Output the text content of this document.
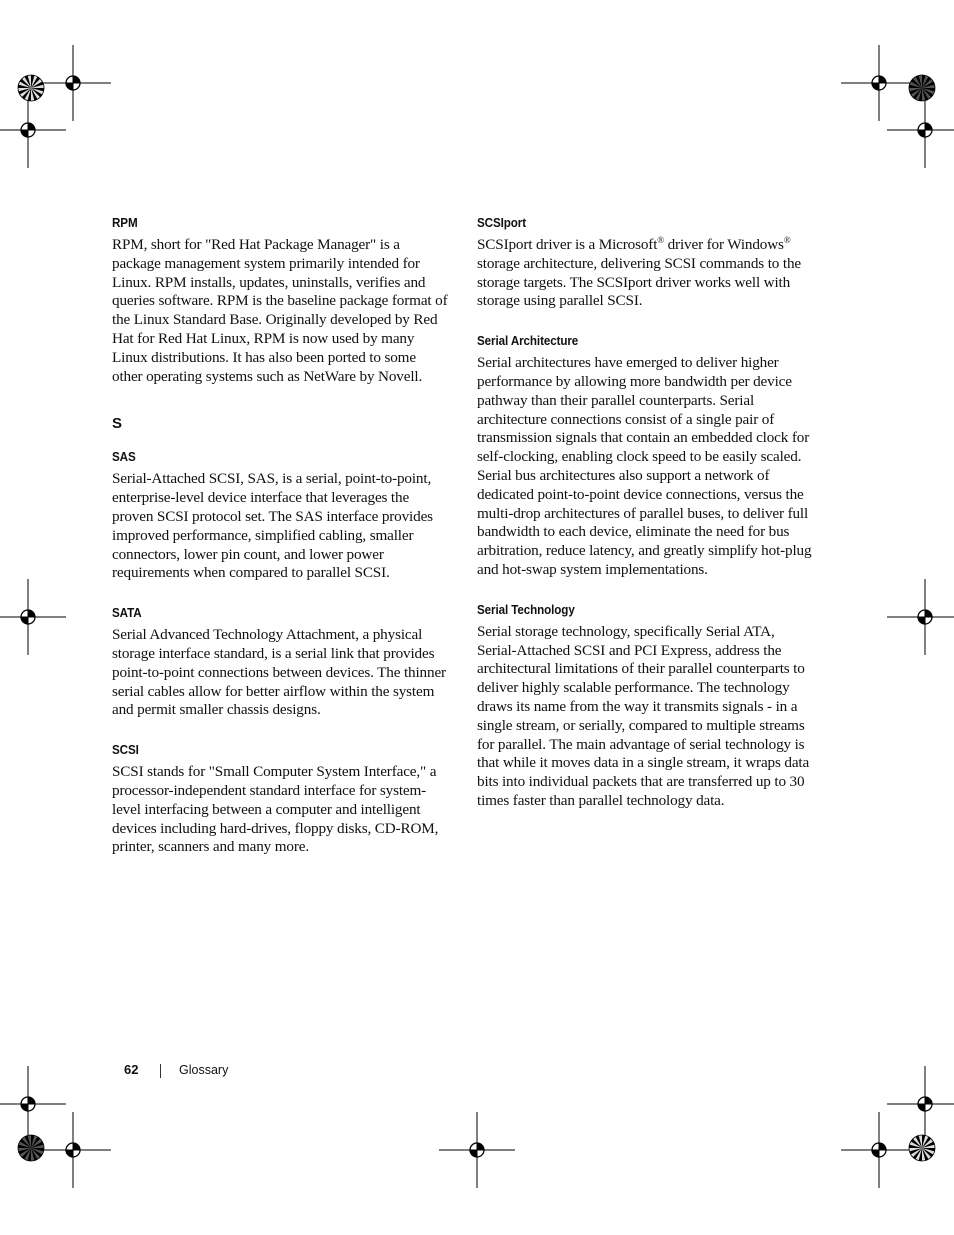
RPM

RPM, short for "Red Hat Package Manager" is a package management system primarily intended for Linux. RPM installs, updates, uninstalls, verifies and queries software. RPM is the baseline package format of the Linux Standard Base. Originally developed by Red Hat for Red Hat Linux, RPM is now used by many Linux distributions. It has also been ported to some other operating systems such as NetWare by Novell.

S
SAS

Serial-Attached SCSI, SAS, is a serial, point-to-point, enterprise-level device interface that leverages the proven SCSI protocol set. The SAS interface provides improved performance, simplified cabling, smaller connectors, lower pin count, and lower power requirements when compared to parallel SCSI.

SATA

Serial Advanced Technology Attachment, a physical storage interface standard, is a serial link that provides point-to-point connections between devices. The thinner serial cables allow for better airflow within the system and permit smaller chassis designs.

SCSI

SCSI stands for "Small Computer System Interface," a processor-independent standard interface for system-level interfacing between a computer and intelligent devices including hard-drives, floppy disks, CD-ROM, printer, scanners and many more.

SCSIport

SCSIport driver is a Microsoft® driver for Windows® storage architecture, delivering SCSI commands to the storage targets. The SCSIport driver works well with storage using parallel SCSI.

Serial Architecture

Serial architectures have emerged to deliver higher performance by allowing more bandwidth per device pathway than their parallel counterparts. Serial architecture connections consist of a single pair of transmission signals that contain an embedded clock for self-clocking, enabling clock speed to be easily scaled. Serial bus architectures also support a network of dedicated point-to-point device connections, versus the multi-drop architectures of parallel buses, to deliver full bandwidth to each device, eliminate the need for bus arbitration, reduce latency, and greatly simplify hot-plug and hot-swap system implementations.

Serial Technology

Serial storage technology, specifically Serial ATA, Serial-Attached SCSI and PCI Express, address the architectural limitations of their parallel counterparts to deliver highly scalable performance. The technology draws its name from the way it transmits signals - in a single stream, or serially, compared to multiple streams for parallel. The main advantage of serial technology is that while it moves data in a single stream, it wraps data bits into individual packets that are transferred up to 30 times faster than parallel technology data.

62	Glossary
